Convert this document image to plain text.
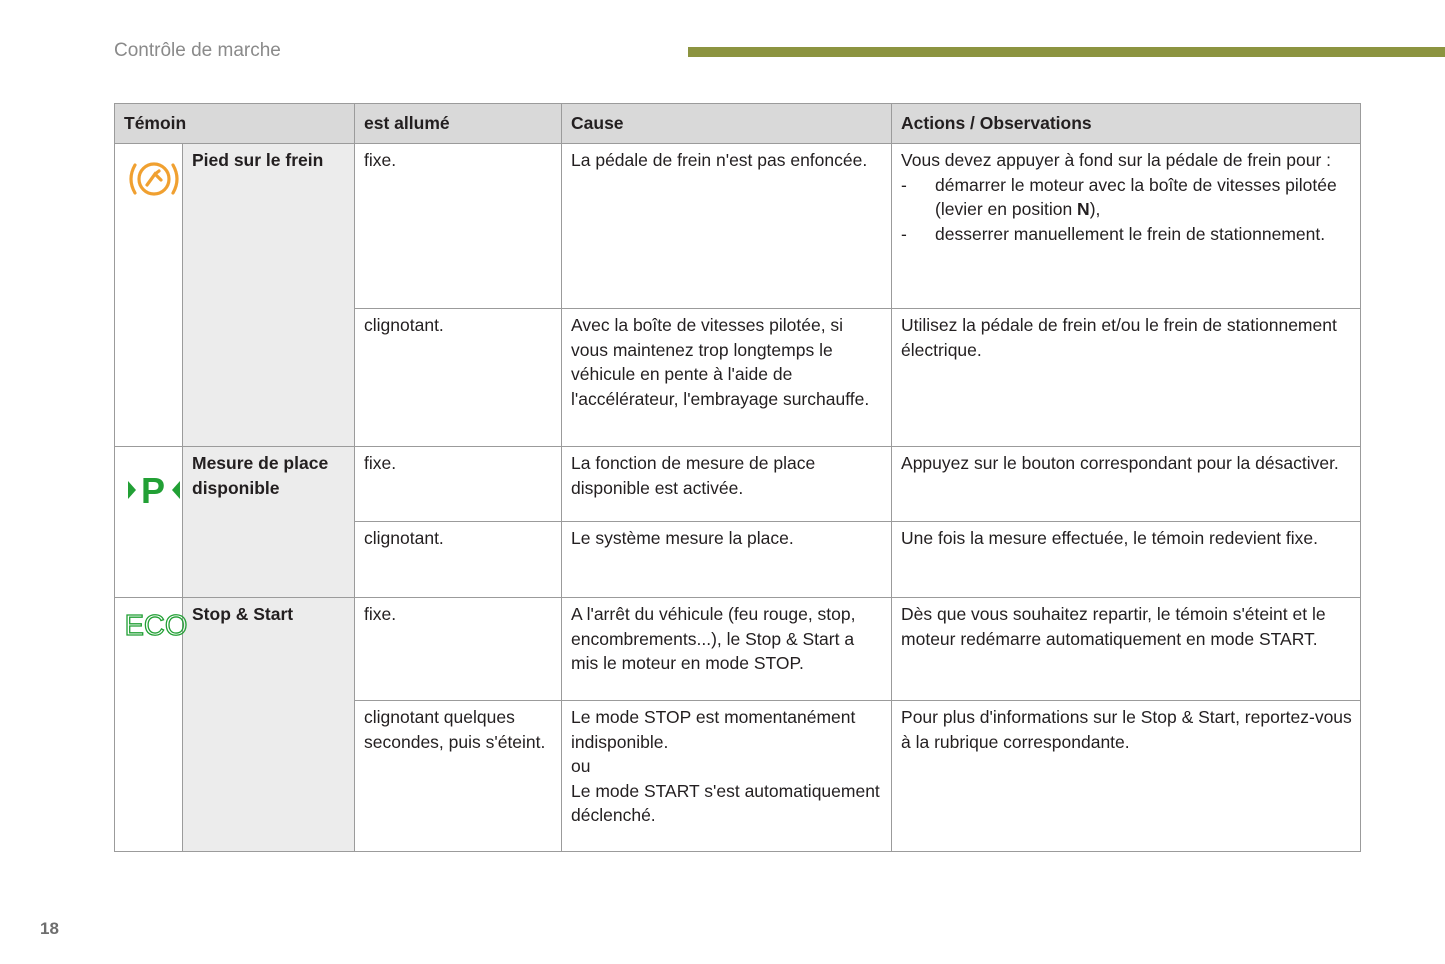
Contrôle de marche
Témoin		est allumé	Cause	Actions / Observations

	Pied sur le frein	fixe.	La pédale de frein n'est pas enfoncée.	Vous devez appuyer à fond sur la pédale de frein pour :
- démarrer le moteur avec la boîte de vitesses pilotée (levier en position N),
- desserrer manuellement le frein de stationnement.

		clignotant.	Avec la boîte de vitesses pilotée, si vous maintenez trop longtemps le véhicule en pente à l'aide de l'accélérateur, l'embrayage surchauffe.	Utilisez la pédale de frein et/ou le frein de stationnement électrique.

P	Mesure de place disponible	fixe.	La fonction de mesure de place disponible est activée.	Appuyez sur le bouton correspondant pour la désactiver.
		clignotant.	Le système mesure la place.	Une fois la mesure effectuée, le témoin redevient fixe.

ECO	Stop & Start	fixe.	A l'arrêt du véhicule (feu rouge, stop, encombrements...), le Stop & Start a mis le moteur en mode STOP.	Dès que vous souhaitez repartir, le témoin s'éteint et le moteur redémarre automatiquement en mode START.
		clignotant quelques secondes, puis s'éteint.	Le mode STOP est momentanément indisponible.
ou
Le mode START s'est automatiquement déclenché.	Pour plus d'informations sur le Stop & Start, reportez-vous à la rubrique correspondante.
18
